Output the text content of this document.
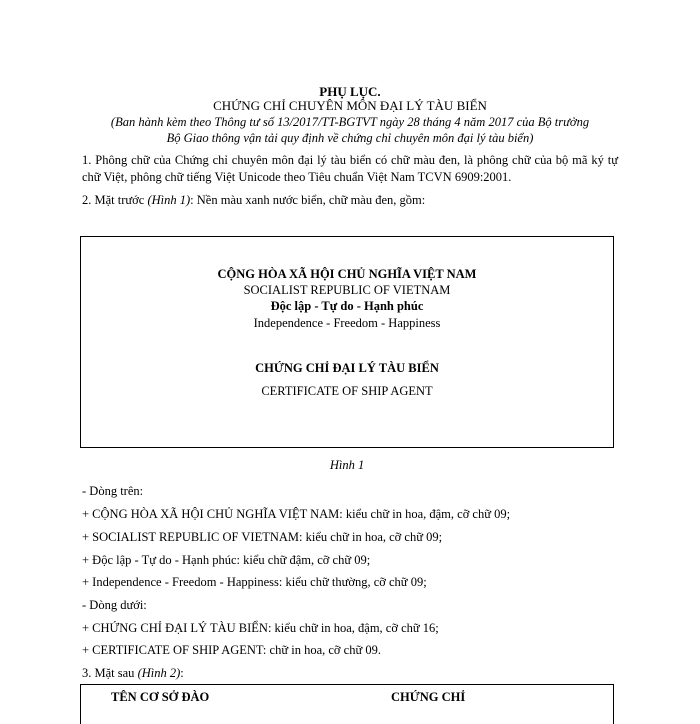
PHỤ LỤC.
CHỨNG CHỈ CHUYÊN MÔN ĐẠI LÝ TÀU BIỂN
(Ban hành kèm theo Thông tư số 13/2017/TT-BGTVT ngày 28 tháng 4 năm 2017 của Bộ trưởng
Bộ Giao thông vận tải quy định về chứng chỉ chuyên môn đại lý tàu biển)
1. Phông chữ của Chứng chỉ chuyên môn đại lý tàu biển có chữ màu đen, là phông chữ của bộ mã ký tự chữ Việt, phông chữ tiếng Việt Unicode theo Tiêu chuẩn Việt Nam TCVN 6909:2001.
2. Mặt trước (Hình 1): Nền màu xanh nước biển, chữ màu đen, gồm:
CỘNG HÒA XÃ HỘI CHỦ NGHĨA VIỆT NAM
SOCIALIST REPUBLIC OF VIETNAM
Độc lập - Tự do - Hạnh phúc
Independence - Freedom - Happiness
CHỨNG CHỈ ĐẠI LÝ TÀU BIỂN
CERTIFICATE OF SHIP AGENT
Hình 1
- Dòng trên:
+ CỘNG HÒA XÃ HỘI CHỦ NGHĨA VIỆT NAM: kiểu chữ in hoa, đậm, cỡ chữ 09;
+ SOCIALIST REPUBLIC OF VIETNAM: kiểu chữ in hoa, cỡ chữ 09;
+ Độc lập - Tự do - Hạnh phúc: kiểu chữ đậm, cỡ chữ 09;
+ Independence - Freedom - Happiness: kiểu chữ thường, cỡ chữ 09;
- Dòng dưới:
+ CHỨNG CHỈ ĐẠI LÝ TÀU BIỂN: kiểu chữ in hoa, đậm, cỡ chữ 16;
+ CERTIFICATE OF SHIP AGENT: chữ in hoa, cỡ chữ 09.
3. Mặt sau (Hình 2):
TÊN CƠ SỞ ĐÀO	CHỨNG CHỈ
